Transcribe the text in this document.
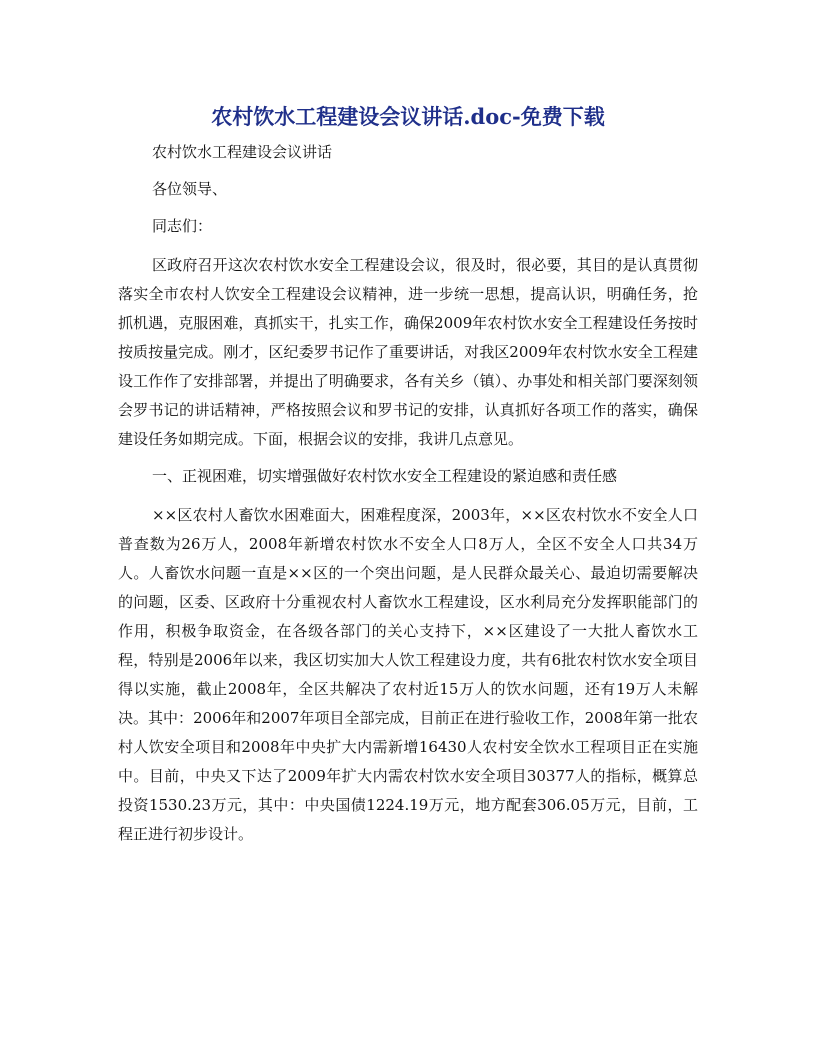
农村饮水工程建设会议讲话.doc-免费下载

农村饮水工程建设会议讲话

各位领导、

同志们：

区政府召开这次农村饮水安全工程建设会议，很及时，很必要，其目的是认真贯彻落实全市农村人饮安全工程建设会议精神，进一步统一思想，提高认识，明确任务，抢抓机遇，克服困难，真抓实干，扎实工作，确保2009年农村饮水安全工程建设任务按时按质按量完成。刚才，区纪委罗书记作了重要讲话，对我区2009年农村饮水安全工程建设工作作了安排部署，并提出了明确要求，各有关乡（镇）、办事处和相关部门要深刻领会罗书记的讲话精神，严格按照会议和罗书记的安排，认真抓好各项工作的落实，确保建设任务如期完成。下面，根据会议的安排，我讲几点意见。

一、正视困难，切实增强做好农村饮水安全工程建设的紧迫感和责任感

××区农村人畜饮水困难面大，困难程度深，2003年，××区农村饮水不安全人口普查数为26万人，2008年新增农村饮水不安全人口8万人，全区不安全人口共34万人。人畜饮水问题一直是××区的一个突出问题，是人民群众最关心、最迫切需要解决的问题，区委、区政府十分重视农村人畜饮水工程建设，区水利局充分发挥职能部门的作用，积极争取资金，在各级各部门的关心支持下，××区建设了一大批人畜饮水工程，特别是2006年以来，我区切实加大人饮工程建设力度，共有6批农村饮水安全项目得以实施，截止2008年，全区共解决了农村近15万人的饮水问题，还有19万人未解决。其中：2006年和2007年项目全部完成，目前正在进行验收工作，2008年第一批农村人饮安全项目和2008年中央扩大内需新增16430人农村安全饮水工程项目正在实施中。目前，中央又下达了2009年扩大内需农村饮水安全项目30377人的指标，概算总投资1530.23万元，其中：中央国债1224.19万元，地方配套306.05万元，目前，工程正进行初步设计。
